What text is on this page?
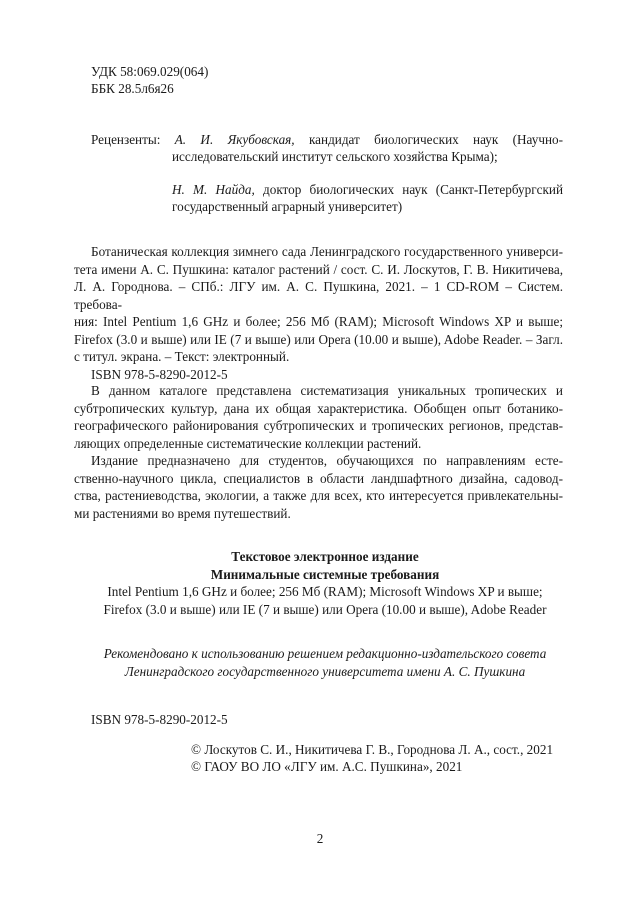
УДК 58:069.029(064)
ББК 28.5л6я26
Рецензенты: А. И. Якубовская, кандидат биологических наук (Научно-
исследовательский институт сельского хозяйства Крыма);
Н. М. Найда, доктор биологических наук (Санкт-Петербургский
государственный аграрный университет)
Ботаническая коллекция зимнего сада Ленинградского государственного универси-
тета имени А. С. Пушкина: каталог растений / сост. С. И. Лоскутов, Г. В. Никитичева,
Л. А. Городнова. – СПб.: ЛГУ им. А. С. Пушкина, 2021. – 1 CD-ROM – Систем. требова-
ния: Intel Pentium 1,6 GHz и более; 256 Мб (RAM); Microsoft Windows XP и выше;
Firefox (3.0 и выше) или IE (7 и выше) или Opera (10.00 и выше), Adobe Reader. – Загл.
с титул. экрана. – Текст: электронный.
ISBN 978-5-8290-2012-5
В данном каталоге представлена систематизация уникальных тропических и
субтропических культур, дана их общая характеристика. Обобщен опыт ботанико-
географического районирования субтропических и тропических регионов, представ-
ляющих определенные систематические коллекции растений.
Издание предназначено для студентов, обучающихся по направлениям есте-
ственно-научного цикла, специалистов в области ландшафтного дизайна, садовод-
ства, растениеводства, экологии, а также для всех, кто интересуется привлекательны-
ми растениями во время путешествий.
Текстовое электронное издание
Минимальные системные требования
Intel Pentium 1,6 GHz и более; 256 Мб (RAM); Microsoft Windows XP и выше;
Firefox (3.0 и выше) или IE (7 и выше) или Opera (10.00 и выше), Adobe Reader
Рекомендовано к использованию решением редакционно-издательского совета
Ленинградского государственного университета имени А. С. Пушкина
ISBN 978-5-8290-2012-5
© Лоскутов С. И., Никитичева Г. В., Городнова Л. А., сост., 2021
© ГАОУ ВО ЛО «ЛГУ им. А.С. Пушкина», 2021
2
